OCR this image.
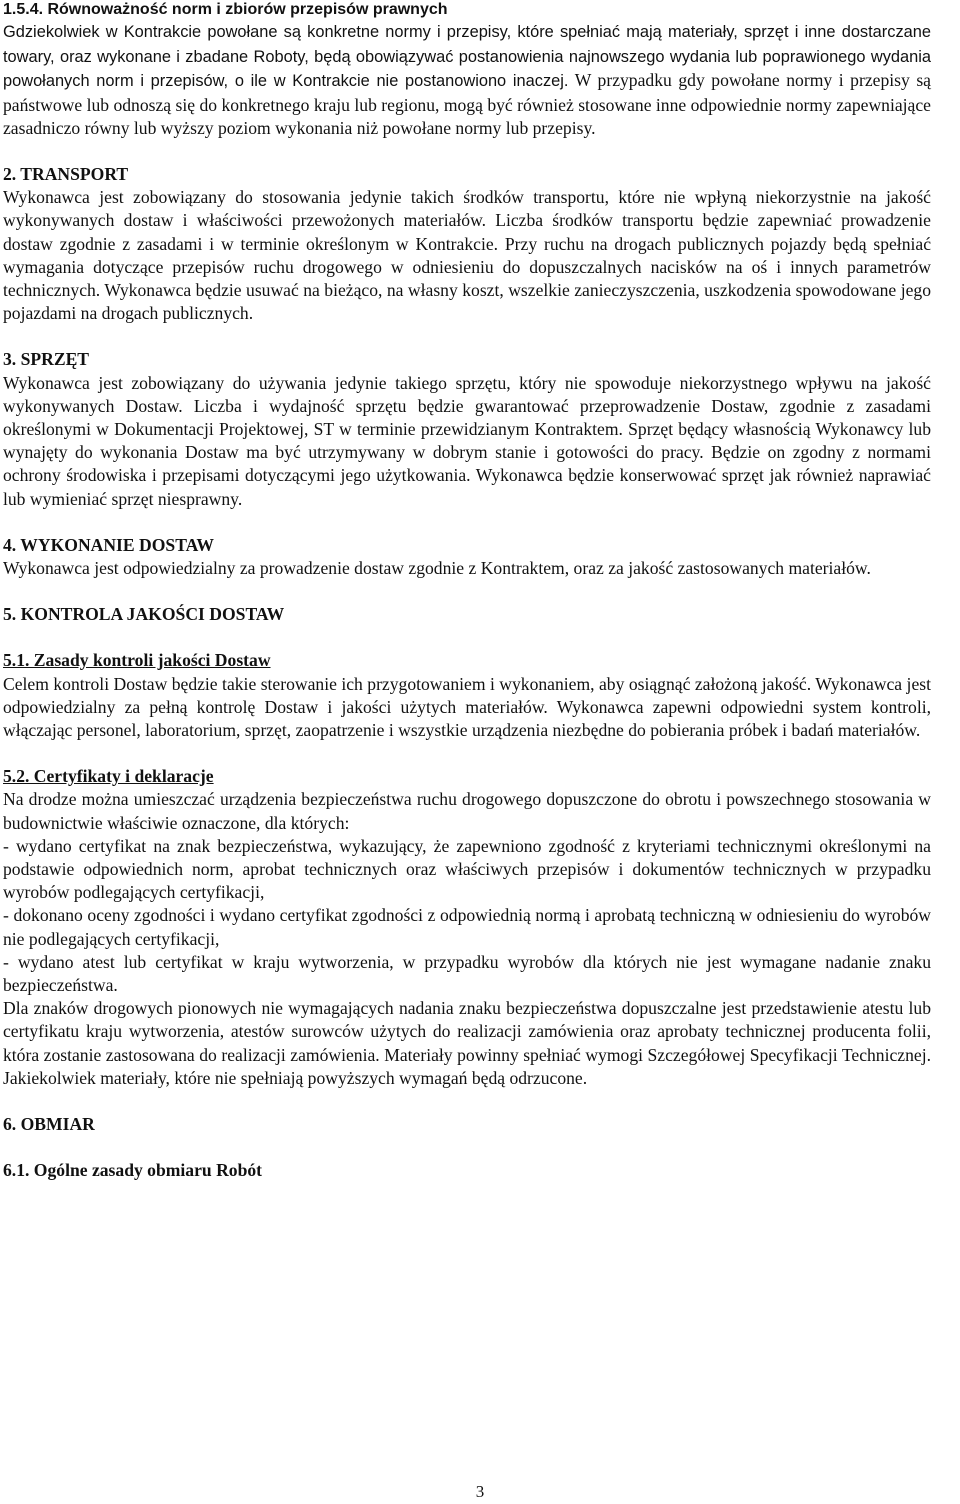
1.5.4. Równoważność norm i zbiorów przepisów prawnych

Gdziekolwiek w Kontrakcie powołane są konkretne normy i przepisy, które spełniać mają materiały, sprzęt i inne dostarczane towary, oraz wykonane i zbadane Roboty, będą obowiązywać postanowienia najnowszego wydania lub poprawionego wydania powołanych norm i przepisów, o ile w Kontrakcie nie postanowiono inaczej. W przypadku gdy powołane normy i przepisy są państwowe lub odnoszą się do konkretnego kraju lub regionu, mogą być również stosowane inne odpowiednie normy zapewniające zasadniczo równy lub wyższy poziom wykonania niż powołane normy lub przepisy.

2. TRANSPORT

Wykonawca jest zobowiązany do stosowania jedynie takich środków transportu, które nie wpłyną niekorzystnie na jakość wykonywanych dostaw i właściwości przewożonych materiałów. Liczba środków transportu będzie zapewniać prowadzenie dostaw zgodnie z zasadami i w terminie określonym w Kontrakcie. Przy ruchu na drogach publicznych pojazdy będą spełniać wymagania dotyczące przepisów ruchu drogowego w odniesieniu do dopuszczalnych nacisków na oś i innych parametrów technicznych. Wykonawca będzie usuwać na bieżąco, na własny koszt, wszelkie zanieczyszczenia, uszkodzenia spowodowane jego pojazdami na drogach publicznych.

3. SPRZĘT

Wykonawca jest zobowiązany do używania jedynie takiego sprzętu, który nie spowoduje niekorzystnego wpływu na jakość wykonywanych Dostaw. Liczba i wydajność sprzętu będzie gwarantować przeprowadzenie Dostaw, zgodnie z zasadami określonymi w Dokumentacji Projektowej, ST w terminie przewidzianym Kontraktem. Sprzęt będący własnością Wykonawcy lub wynajęty do wykonania Dostaw ma być utrzymywany w dobrym stanie i gotowości do pracy. Będzie on zgodny z normami ochrony środowiska i przepisami dotyczącymi jego użytkowania. Wykonawca będzie konserwować sprzęt jak również naprawiać lub wymieniać sprzęt niesprawny.

4. WYKONANIE DOSTAW

Wykonawca jest odpowiedzialny za prowadzenie dostaw zgodnie z Kontraktem, oraz za jakość zastosowanych materiałów.

5. KONTROLA JAKOŚCI DOSTAW

5.1. Zasady kontroli jakości Dostaw

Celem kontroli Dostaw będzie takie sterowanie ich przygotowaniem i wykonaniem, aby osiągnąć założoną jakość. Wykonawca jest odpowiedzialny za pełną kontrolę Dostaw i jakości użytych materiałów. Wykonawca zapewni odpowiedni system kontroli, włączając personel, laboratorium, sprzęt, zaopatrzenie i wszystkie urządzenia niezbędne do pobierania próbek i badań materiałów.

5.2. Certyfikaty i deklaracje

Na drodze można umieszczać urządzenia bezpieczeństwa ruchu drogowego dopuszczone do obrotu i powszechnego stosowania w budownictwie właściwie oznaczone, dla których:

- wydano certyfikat na znak bezpieczeństwa, wykazujący, że zapewniono zgodność z kryteriami technicznymi określonymi na podstawie odpowiednich norm, aprobat technicznych oraz właściwych przepisów i dokumentów technicznych w przypadku wyrobów podlegających certyfikacji,

- dokonano oceny zgodności i wydano certyfikat zgodności z odpowiednią normą i aprobatą techniczną w odniesieniu do wyrobów nie podlegających certyfikacji,

- wydano atest lub certyfikat w kraju wytworzenia, w przypadku wyrobów dla których nie jest wymagane nadanie znaku bezpieczeństwa.

Dla znaków drogowych pionowych nie wymagających nadania znaku bezpieczeństwa dopuszczalne jest przedstawienie atestu lub certyfikatu kraju wytworzenia, atestów surowców użytych do realizacji zamówienia oraz aprobaty technicznej producenta folii, która zostanie zastosowana do realizacji zamówienia. Materiały powinny spełniać wymogi Szczegółowej Specyfikacji Technicznej. Jakiekolwiek materiały, które nie spełniają powyższych wymagań będą odrzucone.

6. OBMIAR

6.1. Ogólne zasady obmiaru Robót

3
